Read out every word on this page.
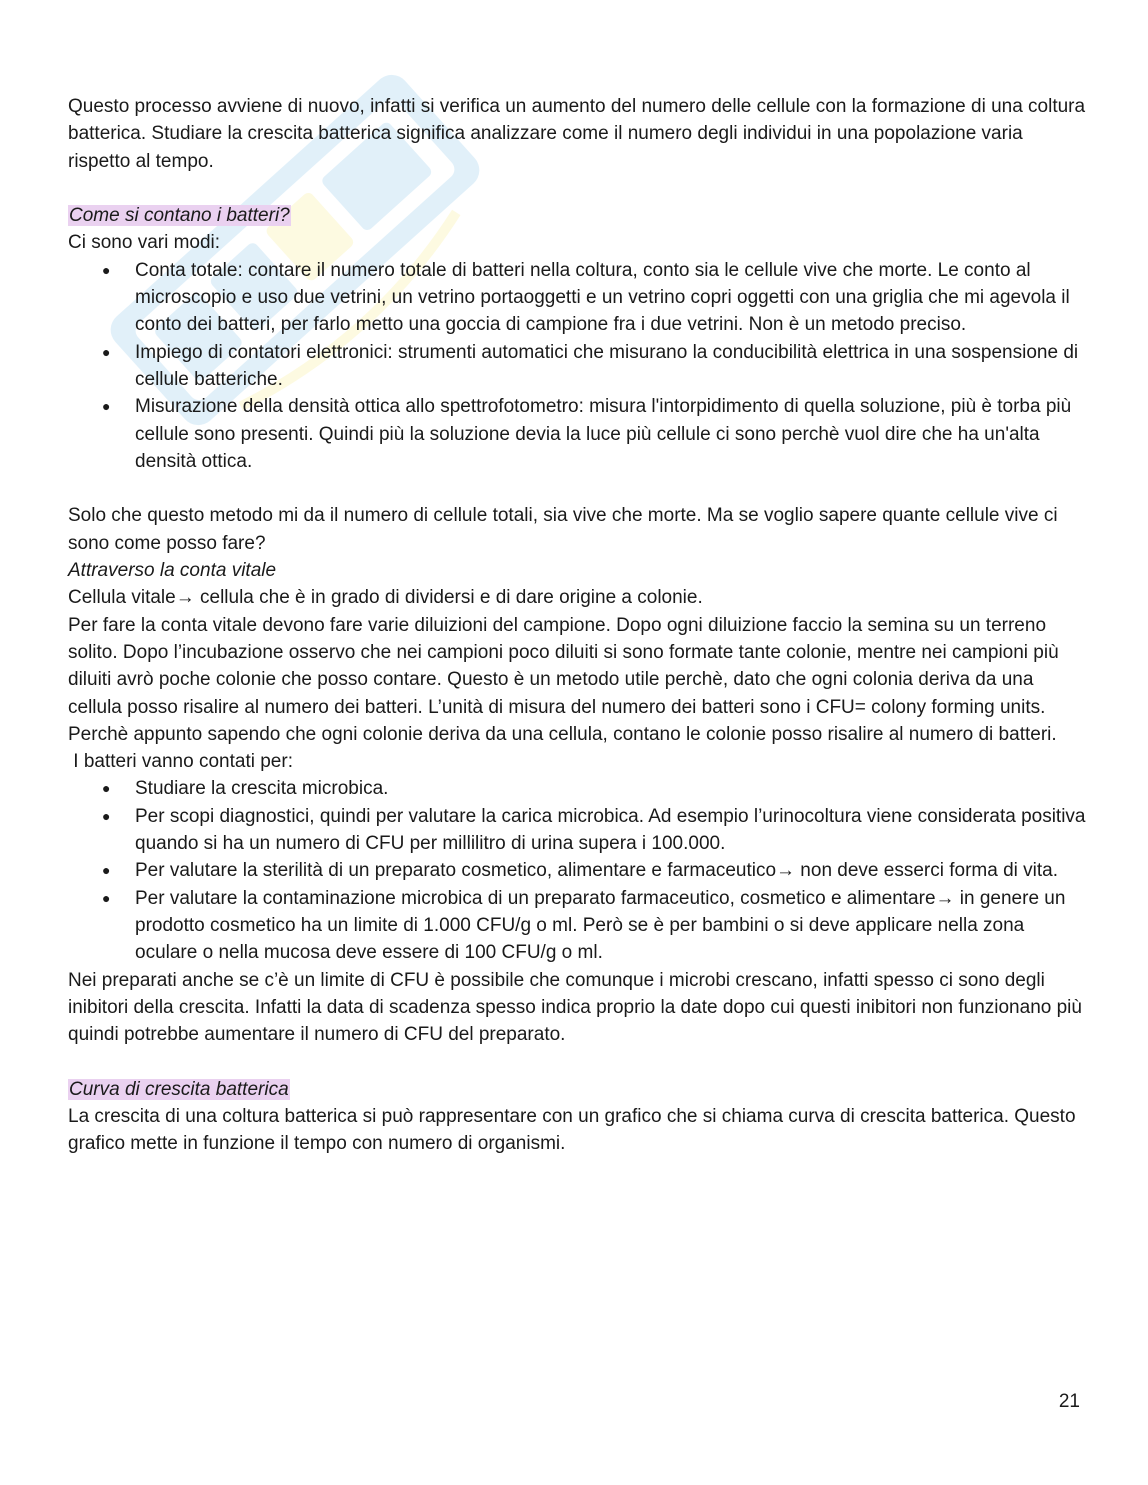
Questo processo avviene di nuovo, infatti si verifica un aumento del numero delle cellule con la formazione di una coltura batterica. Studiare la crescita batterica significa analizzare come il numero degli individui in una popolazione varia rispetto al tempo.

Come si contano i batteri?

Ci sono vari modi:

● Conta totale: contare il numero totale di batteri nella coltura, conto sia le cellule vive che morte. Le conto al microscopio e uso due vetrini, un vetrino portaoggetti e un vetrino copri oggetti con una griglia che mi agevola il conto dei batteri, per farlo metto una goccia di campione fra i due vetrini. Non è un metodo preciso.
● Impiego di contatori elettronici: strumenti automatici che misurano la conducibilità elettrica in una sospensione di cellule batteriche.
● Misurazione della densità ottica allo spettrofotometro: misura l'intorpidimento di quella soluzione, più è torba più cellule sono presenti. Quindi più la soluzione devia la luce più cellule ci sono perchè vuol dire che ha un'alta densità ottica.

Solo che questo metodo mi da il numero di cellule totali, sia vive che morte. Ma se voglio sapere quante cellule vive ci sono come posso fare?

Attraverso la conta vitale

Cellula vitale→ cellula che è in grado di dividersi e di dare origine a colonie.

Per fare la conta vitale devono fare varie diluizioni del campione. Dopo ogni diluizione faccio la semina su un terreno solito. Dopo l’incubazione osservo che nei campioni poco diluiti si sono formate tante colonie, mentre nei campioni più diluiti avrò poche colonie che posso contare. Questo è un metodo utile perchè, dato che ogni colonia deriva da una cellula posso risalire al numero dei batteri. L’unità di misura del numero dei batteri sono i CFU= colony forming units. Perchè appunto sapendo che ogni colonie deriva da una cellula, contano le colonie posso risalire al numero di batteri.

I batteri vanno contati per:

● Studiare la crescita microbica.
● Per scopi diagnostici, quindi per valutare la carica microbica. Ad esempio l’urinocoltura viene considerata positiva quando si ha un numero di CFU per millilitro di urina supera i 100.000.
● Per valutare la sterilità di un preparato cosmetico, alimentare e farmaceutico→ non deve esserci forma di vita.
● Per valutare la contaminazione microbica di un preparato farmaceutico, cosmetico e alimentare→ in genere un prodotto cosmetico ha un limite di 1.000 CFU/g o ml. Però se è per bambini o si deve applicare nella zona oculare o nella mucosa deve essere di 100 CFU/g o ml.

Nei preparati anche se c’è un limite di CFU è possibile che comunque i microbi crescano, infatti spesso ci sono degli inibitori della crescita. Infatti la data di scadenza spesso indica proprio la date dopo cui questi inibitori non funzionano più quindi potrebbe aumentare il numero di CFU del preparato.

Curva di crescita batterica

La crescita di una coltura batterica si può rappresentare con un grafico che si chiama curva di crescita batterica. Questo grafico mette in funzione il tempo con numero di organismi.

21
